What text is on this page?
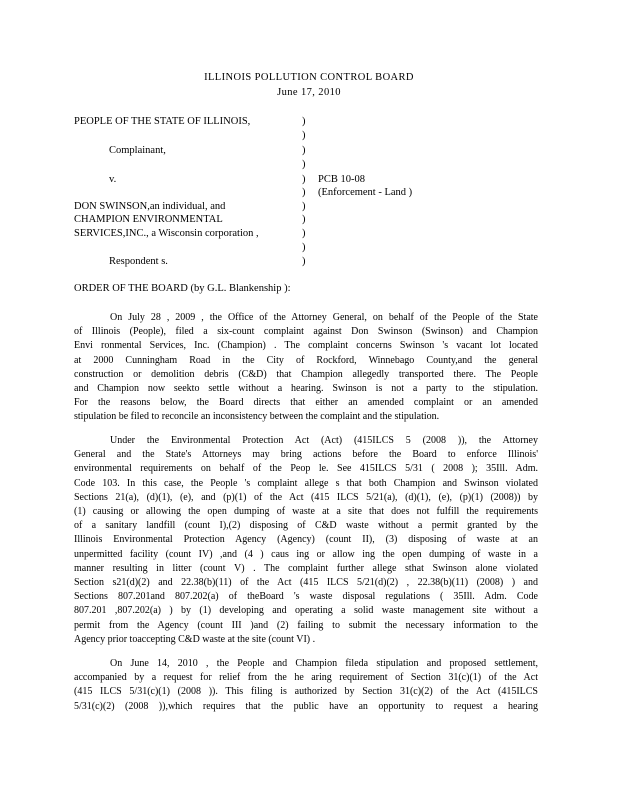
ILLINOIS POLLUTION CONTROL BOARD
June 17, 2010
PEOPLE OF THE STATE OF ILLINOIS,
Complainant,
v.	PCB 10-08
(Enforcement - Land )
DON SWINSON,an individual, and
CHAMPION ENVIRONMENTAL
SERVICES,INC., a Wisconsin corporation ,
Respondent s.
)
)
)
)
)
)
)
)
)
)
)
ORDER OF THE BOARD (by G.L. Blankenship ):
On July 28 , 2009 , the Office of the Attorney General, on behalf of the People of the State
of Illinois (People), filed a six-count complaint against Don Swinson (Swinson) and Champion
Envi ronmental Services, Inc. (Champion) . The complaint concerns Swinson 's vacant lot located
at 2000 Cunningham Road in the City of Rockford, Winnebago County,and the general
construction or demolition debris (C&D) that Champion allegedly transported there. The People
and Champion now seekto settle without a hearing. Swinson is not a party to the stipulation.
For the reasons below, the Board directs that either an amended complaint or an amended
stipulation be filed to reconcile an inconsistency between the complaint and the stipulation.
Under the Environmental Protection Act (Act) (415ILCS 5 (2008 )), the Attorney
General and the State's Attorneys may bring actions before the Board to enforce Illinois'
environmental requirements on behalf of the Peop le. See 415ILCS 5/31 ( 2008 ); 35Ill. Adm.
Code 103. In this case, the People 's complaint allege s that both Champion and Swinson violated
Sections 21(a), (d)(1), (e), and (p)(1) of the Act (415 ILCS 5/21(a), (d)(1), (e), (p)(1) (2008)) by
(1) causing or allowing the open dumping of waste at a site that does not fulfill the requirements
of a sanitary landfill (count I),(2) disposing of C&D waste without a permit granted by the
Illinois Environmental Protection Agency (Agency) (count II), (3) disposing of waste at an
unpermitted facility (count IV) ,and (4 ) caus ing or allow ing the open dumping of waste in a
manner resulting in litter (count V) . The complaint further allege sthat Swinson alone violated
Section s21(d)(2) and 22.38(b)(11) of the Act (415 ILCS 5/21(d)(2) , 22.38(b)(11) (2008) ) and
Sections 807.201and 807.202(a) of theBoard 's waste disposal regulations ( 35Ill. Adm. Code
807.201 ,807.202(a) ) by (1) developing and operating a solid waste management site without a
permit from the Agency (count III )and (2) failing to submit the necessary information to the
Agency prior toaccepting C&D waste at the site (count VI) .
On June 14, 2010 , the People and Champion fileda stipulation and proposed settlement,
accompanied by a request for relief from the he aring requirement of Section 31(c)(1) of the Act
(415 ILCS 5/31(c)(1) (2008 )). This filing is authorized by Section 31(c)(2) of the Act (415ILCS
5/31(c)(2) (2008 )),which requires that the public have an opportunity to request a hearing
